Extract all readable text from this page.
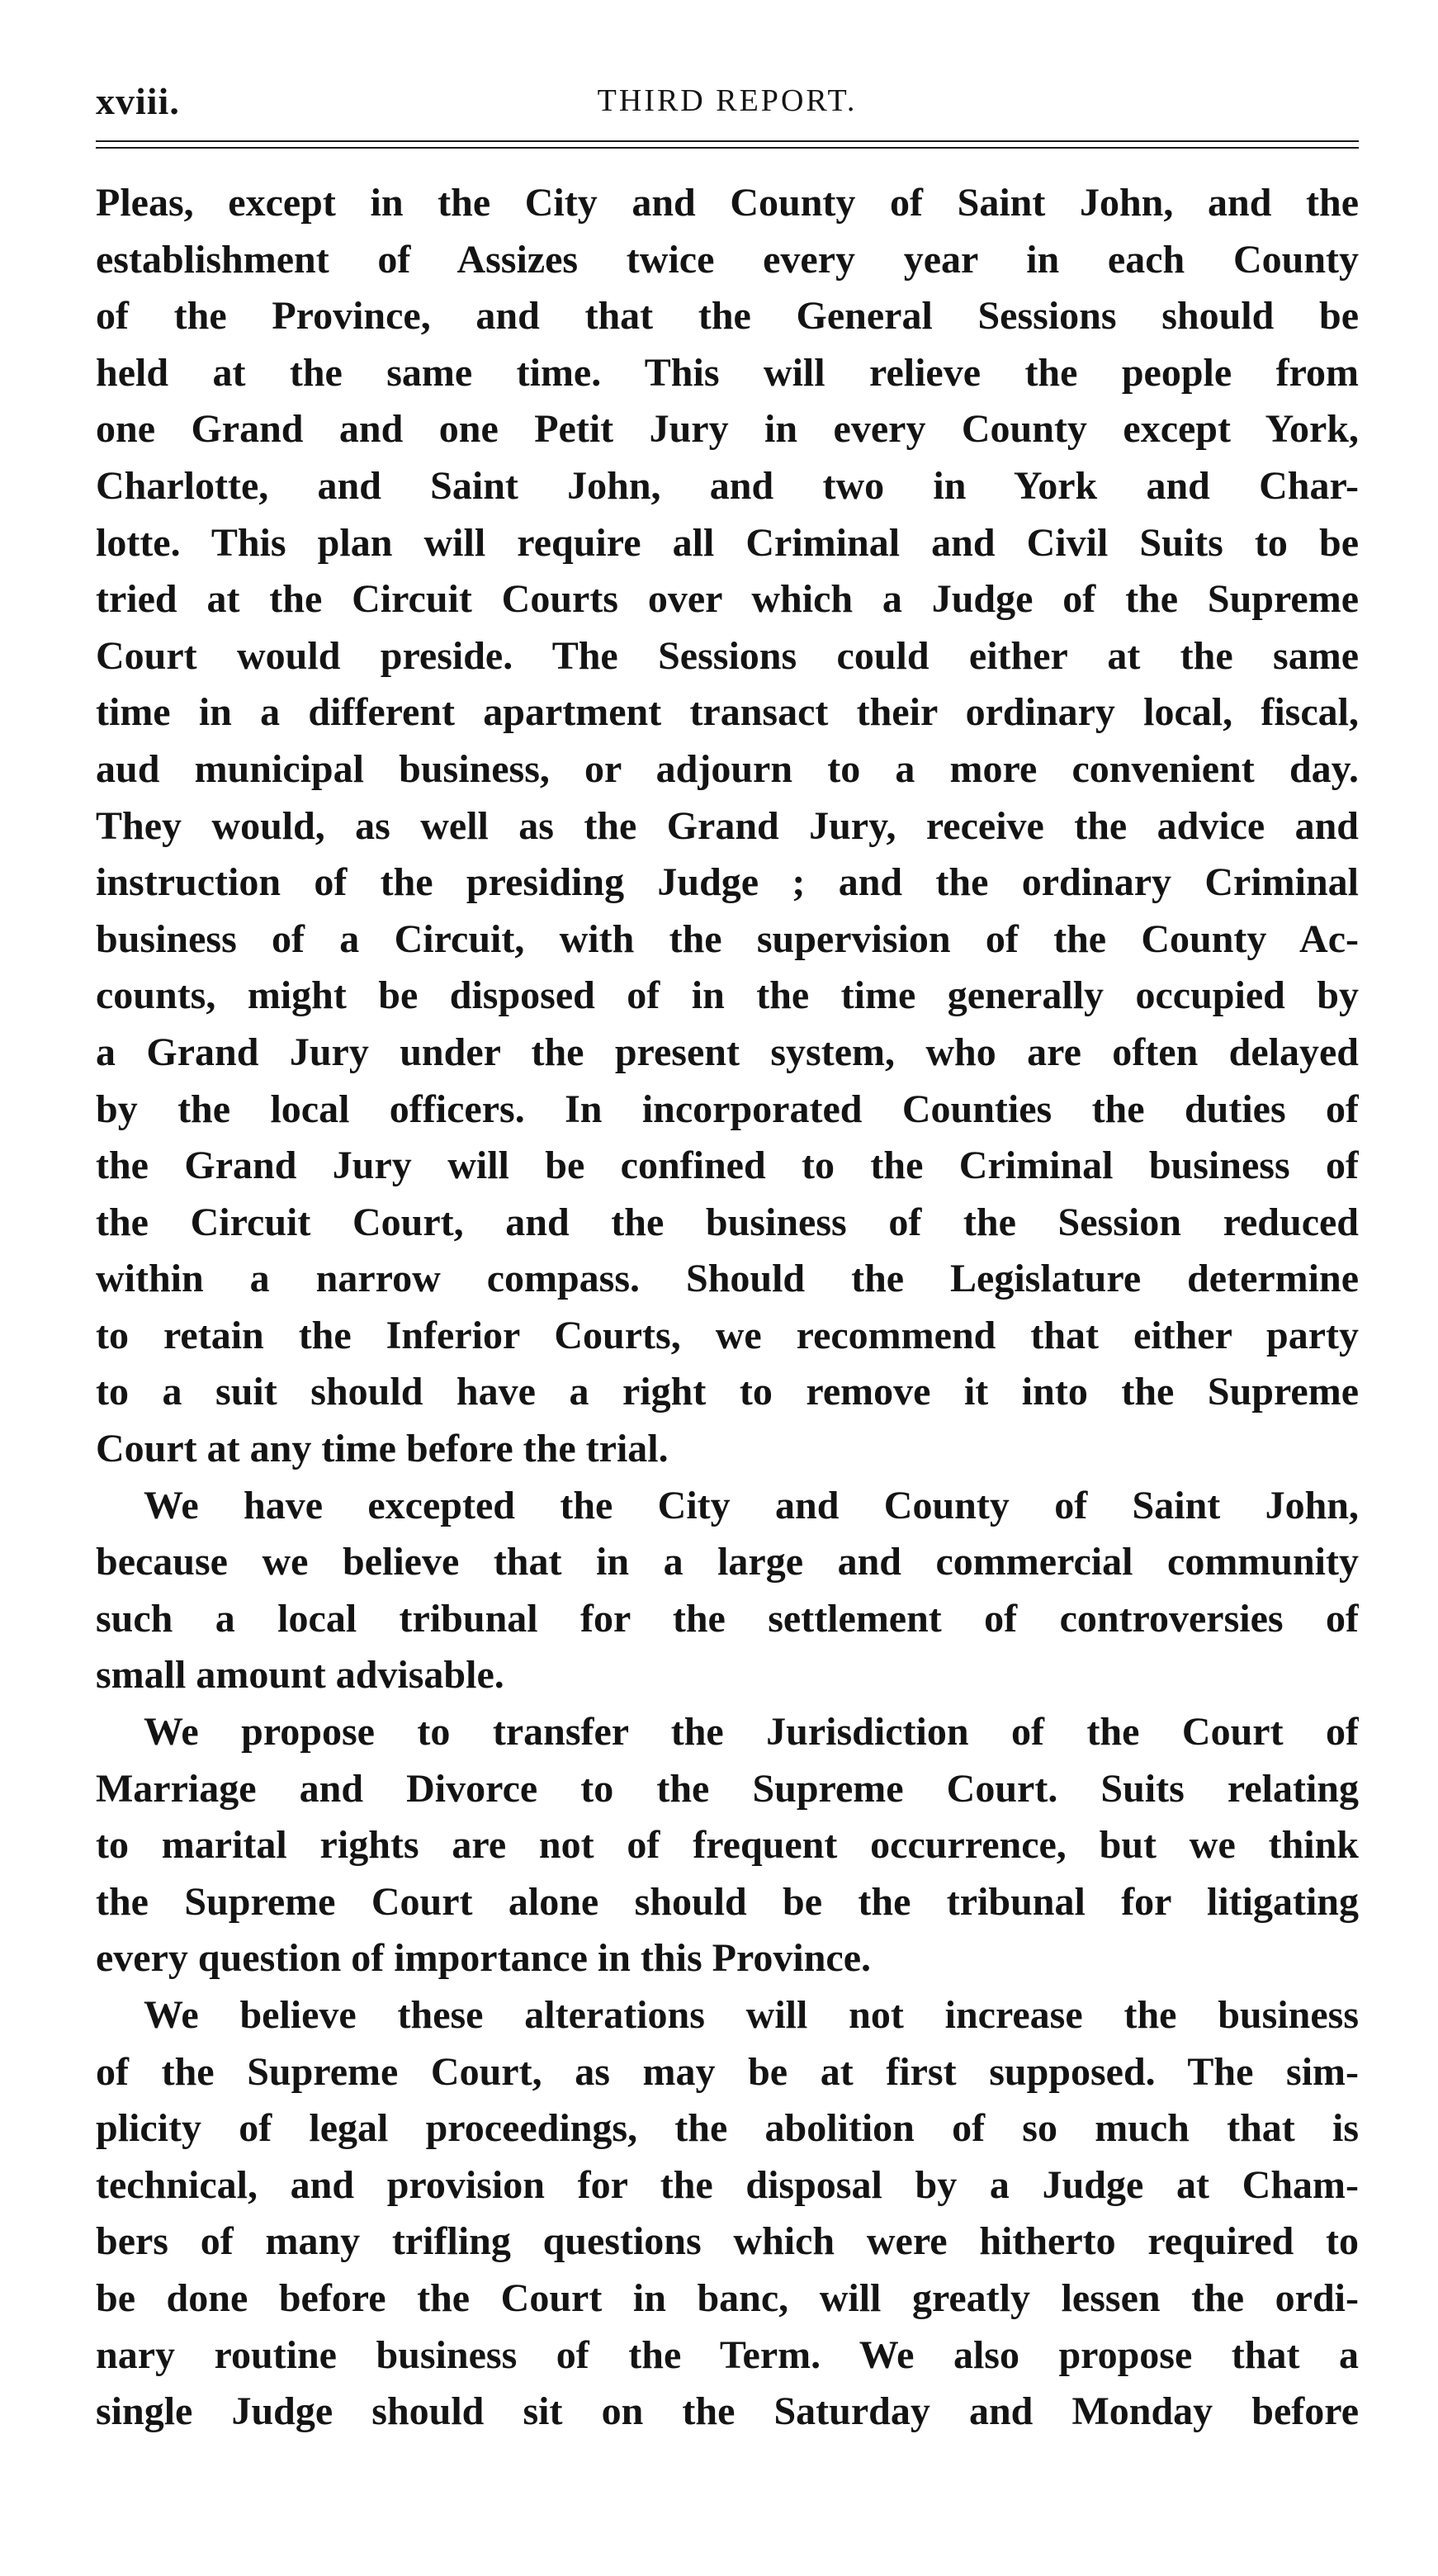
xviii.	THIRD REPORT.
Pleas, except in the City and County of Saint John, and the
establishment of Assizes twice every year in each County
of the Province, and that the General Sessions should be
held at the same time. This will relieve the people from
one Grand and one Petit Jury in every County except York,
Charlotte, and Saint John, and two in York and Char-
lotte. This plan will require all Criminal and Civil Suits to be
tried at the Circuit Courts over which a Judge of the Supreme
Court would preside. The Sessions could either at the same
time in a different apartment transact their ordinary local, fiscal,
aud municipal business, or adjourn to a more convenient day.
They would, as well as the Grand Jury, receive the advice and
instruction of the presiding Judge ; and the ordinary Criminal
business of a Circuit, with the supervision of the County Ac-
counts, might be disposed of in the time generally occupied by
a Grand Jury under the present system, who are often delayed
by the local officers. In incorporated Counties the duties of
the Grand Jury will be confined to the Criminal business of
the Circuit Court, and the business of the Session reduced
within a narrow compass. Should the Legislature determine
to retain the Inferior Courts, we recommend that either party
to a suit should have a right to remove it into the Supreme
Court at any time before the trial.
We have excepted the City and County of Saint John,
because we believe that in a large and commercial community
such a local tribunal for the settlement of controversies of
small amount advisable.
We propose to transfer the Jurisdiction of the Court of
Marriage and Divorce to the Supreme Court. Suits relating
to marital rights are not of frequent occurrence, but we think
the Supreme Court alone should be the tribunal for litigating
every question of importance in this Province.
We believe these alterations will not increase the business
of the Supreme Court, as may be at first supposed. The sim-
plicity of legal proceedings, the abolition of so much that is
technical, and provision for the disposal by a Judge at Cham-
bers of many trifling questions which were hitherto required to
be done before the Court in banc, will greatly lessen the ordi-
nary routine business of the Term. We also propose that a
single Judge should sit on the Saturday and Monday before
